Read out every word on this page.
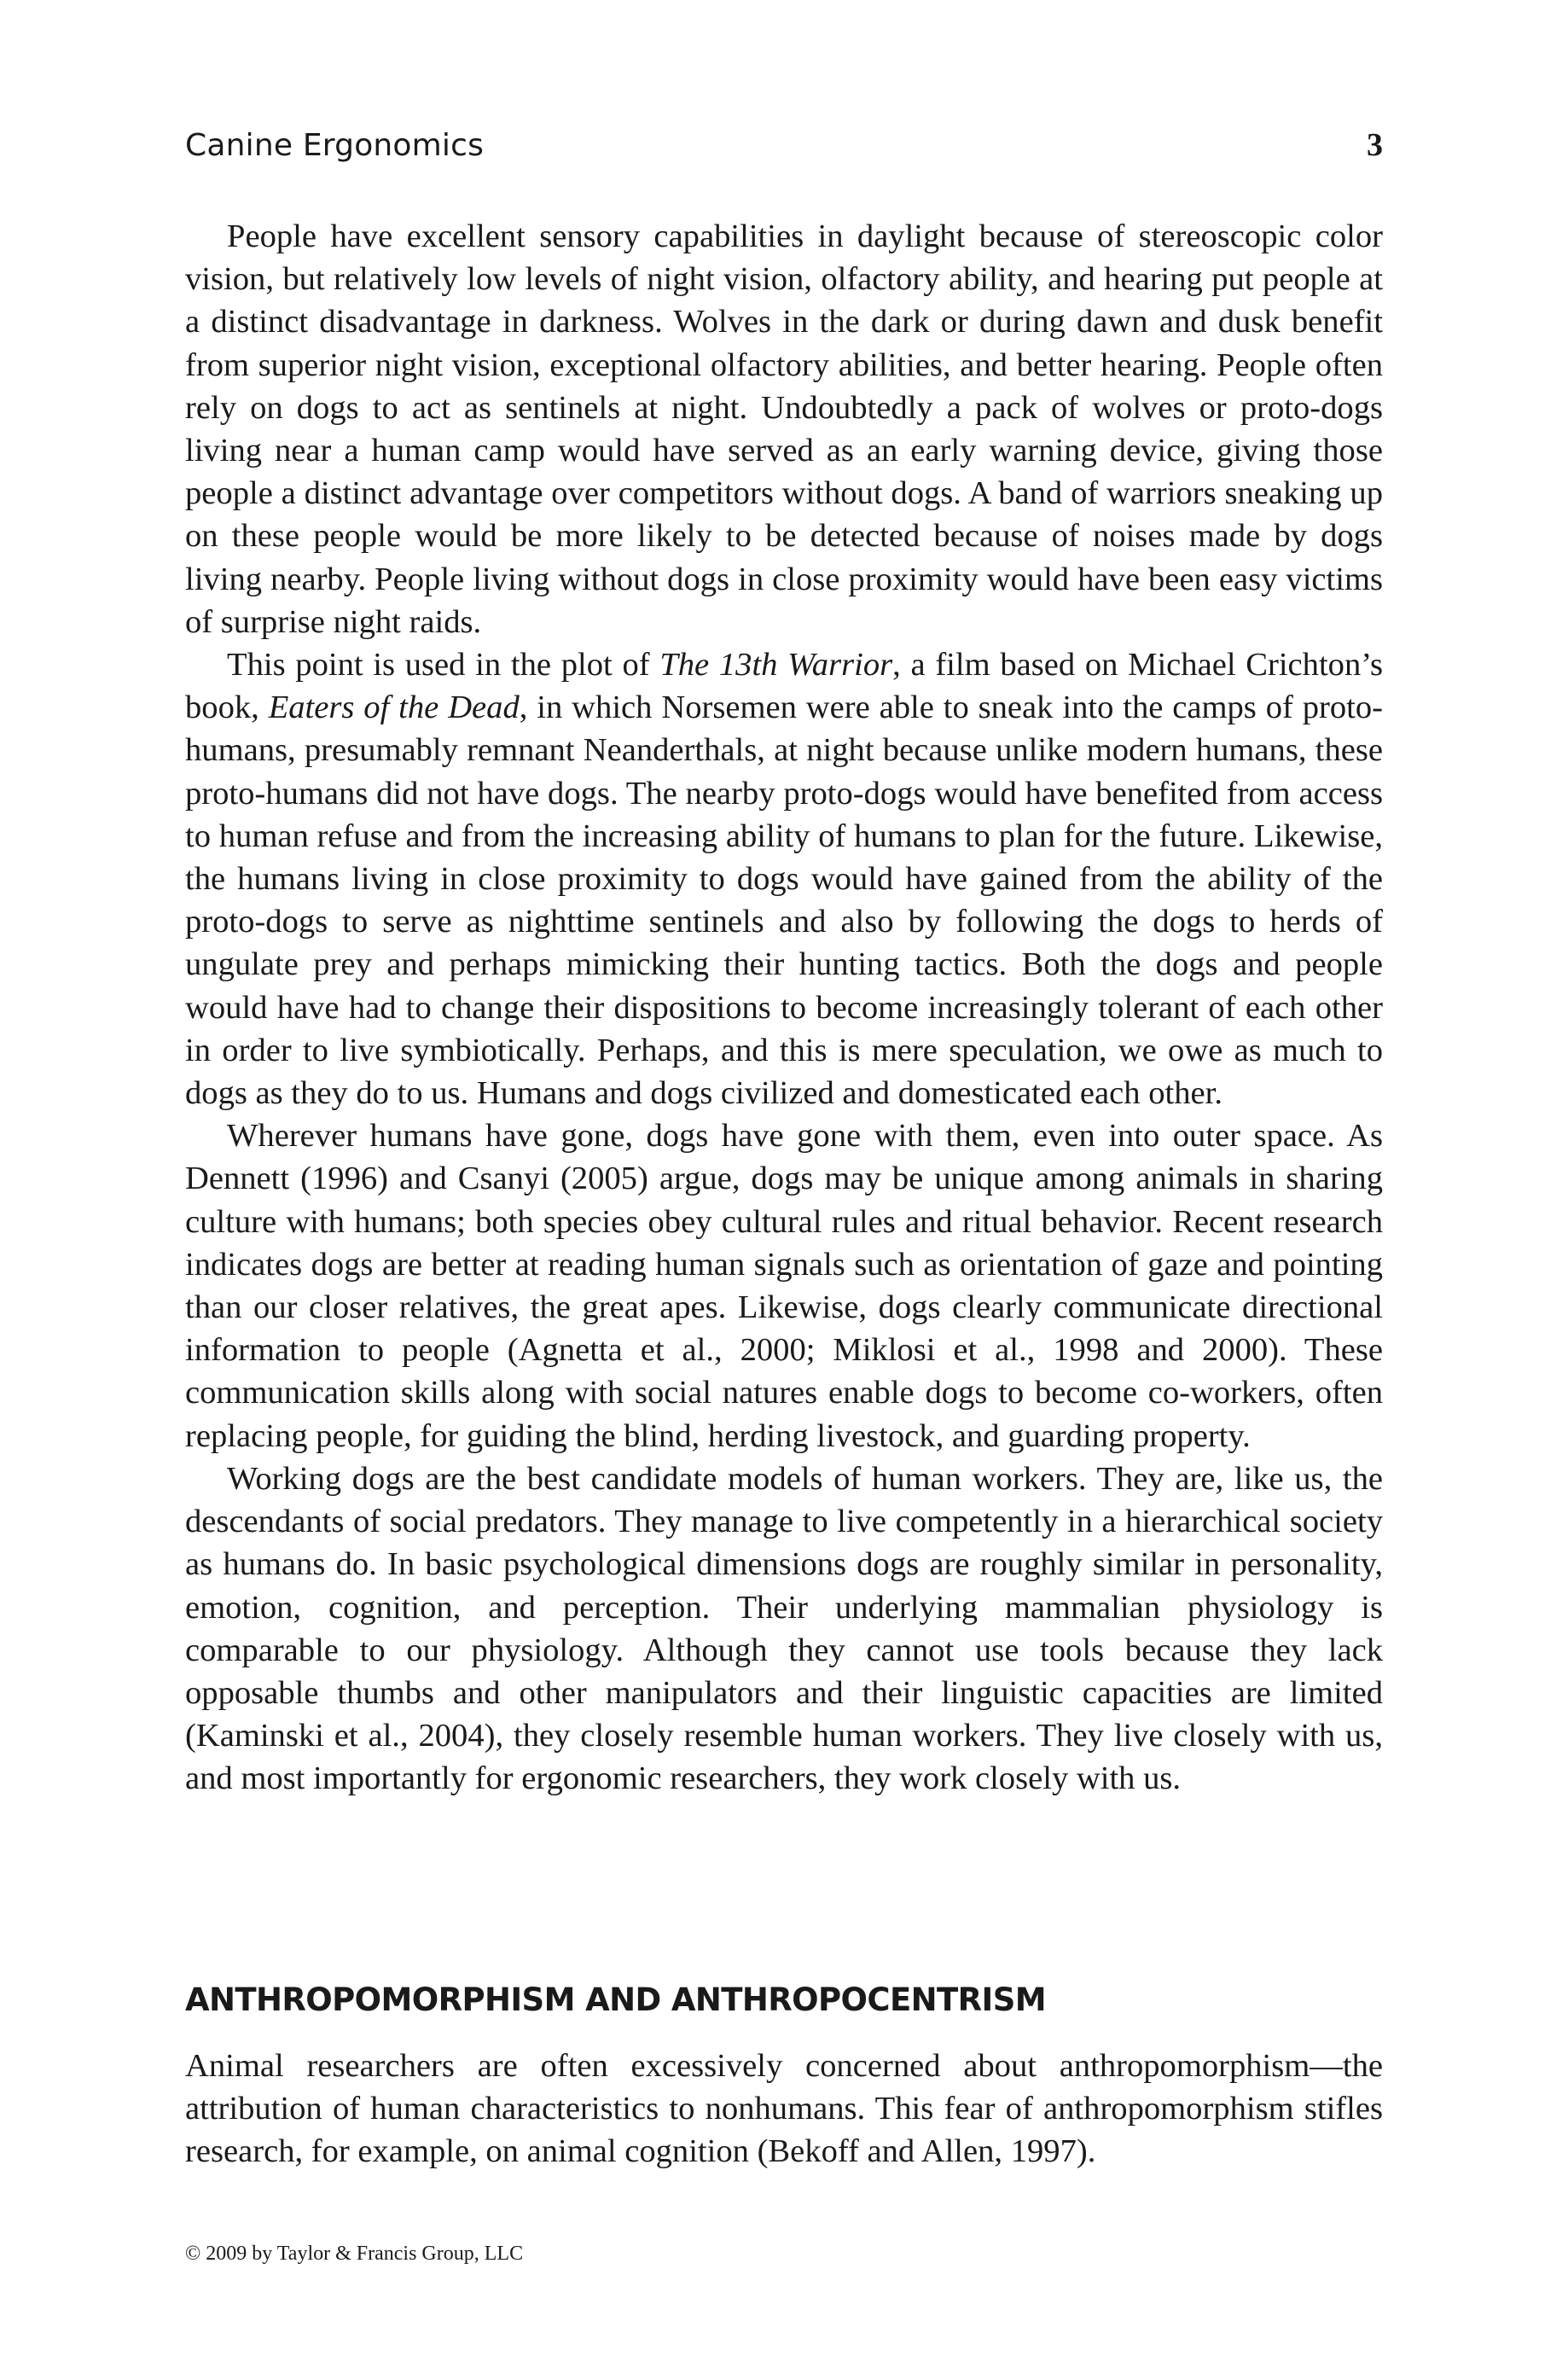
Canine Ergonomics	3

People have excellent sensory capabilities in daylight because of stereoscopic color vision, but relatively low levels of night vision, olfactory ability, and hearing put people at a distinct disadvantage in darkness. Wolves in the dark or during dawn and dusk benefit from superior night vision, exceptional olfactory abilities, and better hearing. People often rely on dogs to act as sentinels at night. Undoubtedly a pack of wolves or proto-dogs living near a human camp would have served as an early warning device, giving those people a distinct advantage over competitors without dogs. A band of warriors sneaking up on these people would be more likely to be detected because of noises made by dogs living nearby. People living without dogs in close proximity would have been easy victims of surprise night raids.

This point is used in the plot of The 13th Warrior, a film based on Michael Crichton’s book, Eaters of the Dead, in which Norsemen were able to sneak into the camps of proto-humans, presumably remnant Neanderthals, at night because unlike modern humans, these proto-humans did not have dogs. The nearby proto-dogs would have benefited from access to human refuse and from the increasing ability of humans to plan for the future. Likewise, the humans living in close proximity to dogs would have gained from the ability of the proto-dogs to serve as nighttime sentinels and also by following the dogs to herds of ungulate prey and perhaps mimicking their hunting tactics. Both the dogs and people would have had to change their dispositions to become increasingly tolerant of each other in order to live symbiotically. Perhaps, and this is mere speculation, we owe as much to dogs as they do to us. Humans and dogs civilized and domesticated each other.

Wherever humans have gone, dogs have gone with them, even into outer space. As Dennett (1996) and Csanyi (2005) argue, dogs may be unique among animals in sharing culture with humans; both species obey cultural rules and ritual behavior. Recent research indicates dogs are better at reading human signals such as orientation of gaze and pointing than our closer relatives, the great apes. Likewise, dogs clearly communicate directional information to people (Agnetta et al., 2000; Miklosi et al., 1998 and 2000). These communication skills along with social natures enable dogs to become co-workers, often replacing people, for guiding the blind, herding livestock, and guarding property.

Working dogs are the best candidate models of human workers. They are, like us, the descendants of social predators. They manage to live competently in a hierarchical society as humans do. In basic psychological dimensions dogs are roughly similar in personality, emotion, cognition, and perception. Their underlying mammalian physiology is comparable to our physiology. Although they cannot use tools because they lack opposable thumbs and other manipulators and their linguistic capacities are limited (Kaminski et al., 2004), they closely resemble human workers. They live closely with us, and most importantly for ergonomic researchers, they work closely with us.

ANTHROPOMORPHISM AND ANTHROPOCENTRISM

Animal researchers are often excessively concerned about anthropomorphism—the attribution of human characteristics to nonhumans. This fear of anthropomorphism stifles research, for example, on animal cognition (Bekoff and Allen, 1997).

© 2009 by Taylor & Francis Group, LLC
